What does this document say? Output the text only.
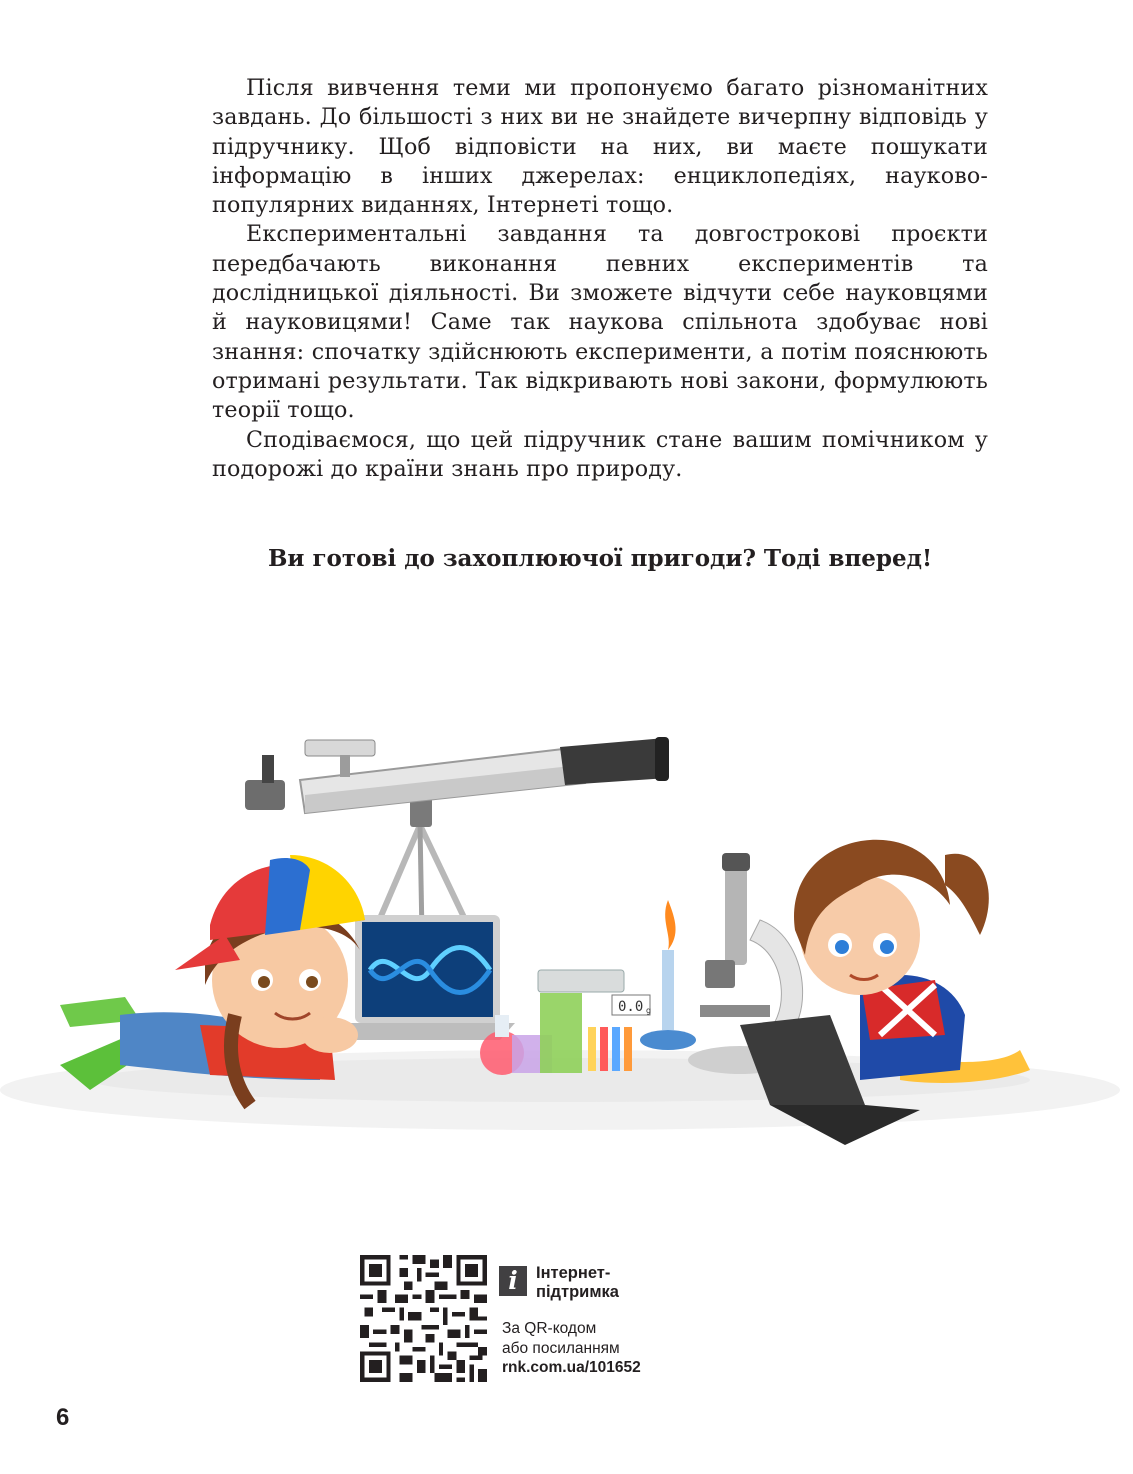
Після вивчення теми ми пропонуємо багато різноманітних завдань. До більшості з них ви не знайдете вичерпну відповідь у підручнику. Щоб відповісти на них, ви маєте пошукати інформацію в інших джерелах: енциклопедіях, науково-популярних виданнях, Інтернеті тощо.

Експериментальні завдання та довгострокові проєкти передбачають виконання певних експериментів та дослідницької діяльності. Ви зможете відчути себе науковцями й науковицями! Саме так наукова спільнота здобуває нові знання: спочатку здійснюють експерименти, а потім пояснюють отримані результати. Так відкривають нові закони, формулюють теорії тощо.

Сподіваємося, що цей підручник стане вашим помічником у подорожі до країни знань про природу.

Ви готові до захоплюючої пригоди? Тоді вперед!
0.0 g
i	Інтернет-
підтримка
За QR-кодом
або посиланням
rnk.com.ua/101652
6
